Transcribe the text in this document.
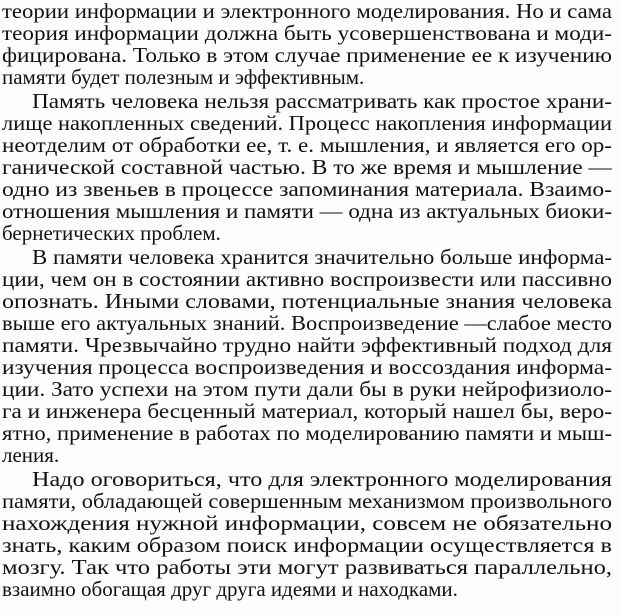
теории информации и электронного моделирования. Но и сама
теория информации должна быть усовершенствована и моди-
фицирована. Только в этом случае применение ее к изучению
памяти будет полезным и эффективным.
Память человека нельзя рассматривать как простое храни-
лище накопленных сведений. Процесс накопления информации
неотделим от обработки ее, т. е. мышления, и является его ор-
ганической составной частью. В то же время и мышление —
одно из звеньев в процессе запоминания материала. Взаимо-
отношения мышления и памяти — одна из актуальных биоки-
бернетических проблем.
В памяти человека хранится значительно больше информа-
ции, чем он в состоянии активно воспроизвести или пассивно
опознать. Иными словами, потенциальные знания человека
выше его актуальных знаний. Воспроизведение —слабое место
памяти. Чрезвычайно трудно найти эффективный подход для
изучения процесса воспроизведения и воссоздания информа-
ции. Зато успехи на этом пути дали бы в руки нейрофизиоло-
га и инженера бесценный материал, который нашел бы, веро-
ятно, применение в работах по моделированию памяти и мыш-
ления.
Надо оговориться, что для электронного моделирования
памяти, обладающей совершенным механизмом произвольного
нахождения нужной информации, совсем не обязательно
знать, каким образом поиск информации осуществляется в
мозгу. Так что работы эти могут развиваться параллельно,
взаимно обогащая друг друга идеями и находками.
